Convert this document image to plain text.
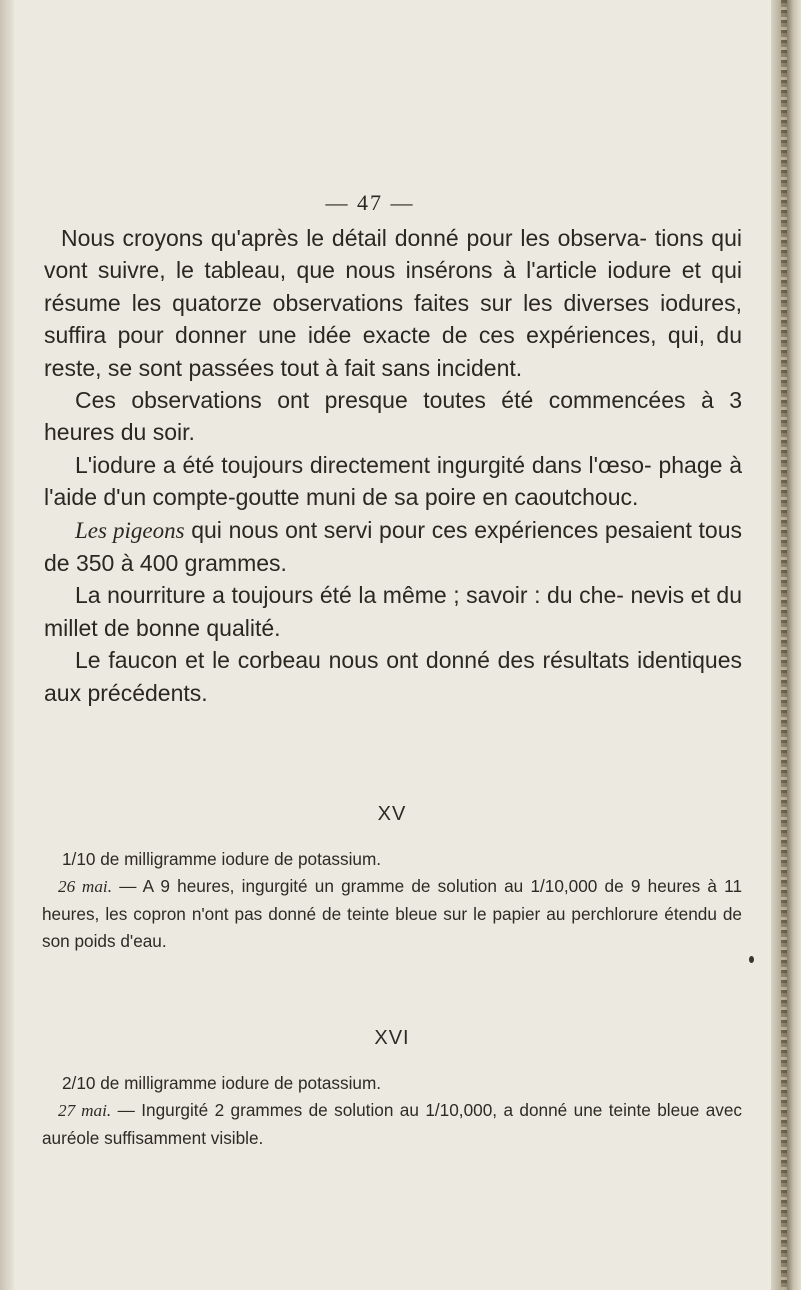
— 47 —

Nous croyons qu'après le détail donné pour les observa- tions qui vont suivre, le tableau, que nous insérons à l'article iodure et qui résume les quatorze observations faites sur les diverses iodures, suffira pour donner une idée exacte de ces expériences, qui, du reste, se sont passées tout à fait sans incident.

Ces observations ont presque toutes été commencées à 3 heures du soir.

L'iodure a été toujours directement ingurgité dans l'œso- phage à l'aide d'un compte-goutte muni de sa poire en caoutchouc.

Les pigeons qui nous ont servi pour ces expériences pesaient tous de 350 à 400 grammes.

La nourriture a toujours été la même ; savoir : du che- nevis et du millet de bonne qualité.

Le faucon et le corbeau nous ont donné des résultats identiques aux précédents.

XV

1/10 de milligramme iodure de potassium.

26 mai. — A 9 heures, ingurgité un gramme de solution au 1/10,000 de 9 heures à 11 heures, les copron n'ont pas donné de teinte bleue sur le papier au perchlorure étendu de son poids d'eau.

XVI

2/10 de milligramme iodure de potassium.

27 mai. — Ingurgité 2 grammes de solution au 1/10,000, a donné une teinte bleue avec auréole suffisamment visible.
